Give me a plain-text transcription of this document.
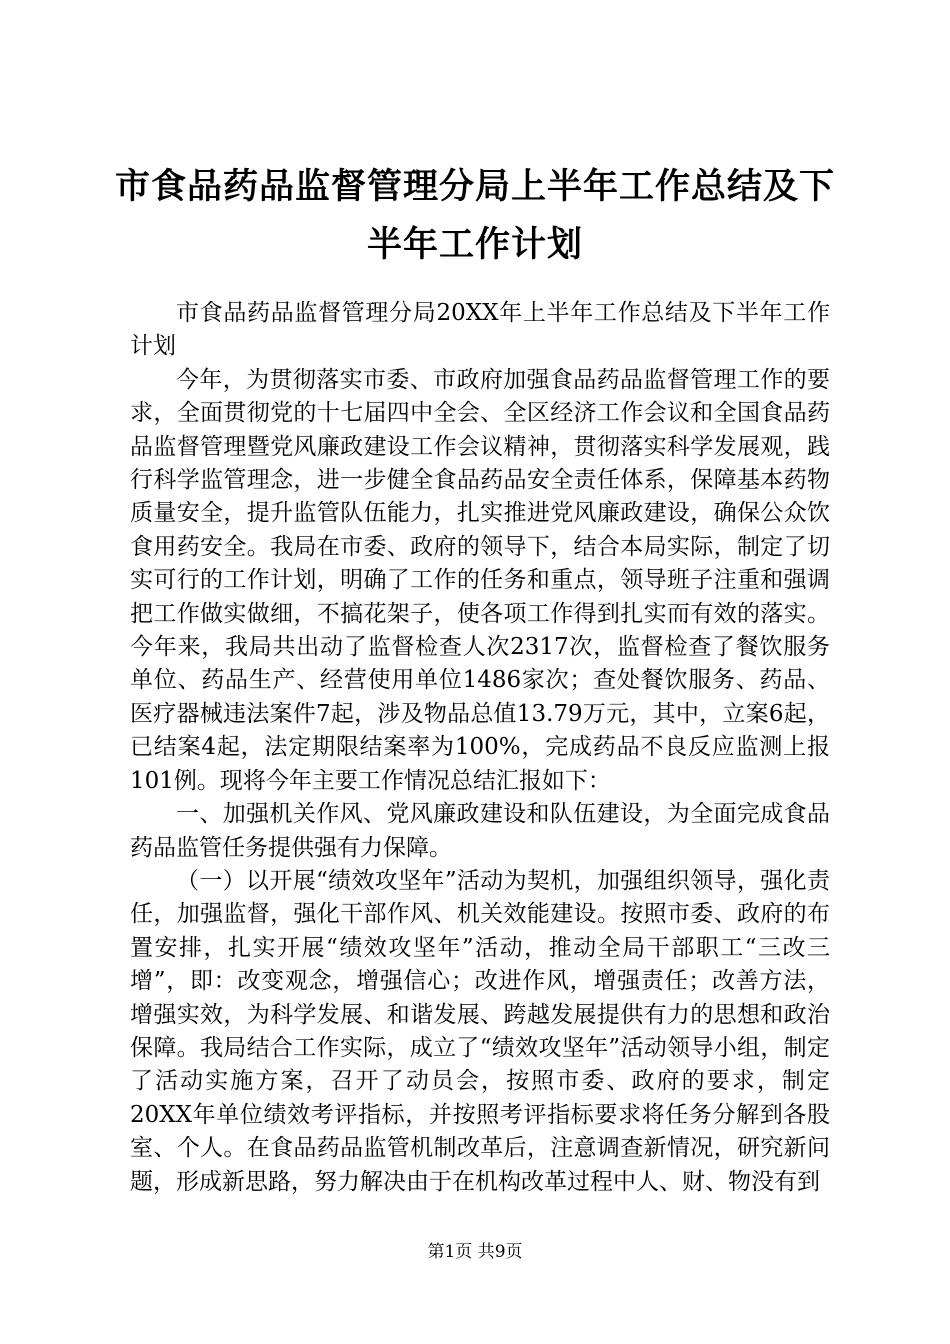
市食品药品监督管理分局上半年工作总结及下半年工作计划

市食品药品监督管理分局20XX年上半年工作总结及下半年工作计划

今年，为贯彻落实市委、市政府加强食品药品监督管理工作的要求，全面贯彻党的十七届四中全会、全区经济工作会议和全国食品药品监督管理暨党风廉政建设工作会议精神，贯彻落实科学发展观，践行科学监管理念，进一步健全食品药品安全责任体系，保障基本药物质量安全，提升监管队伍能力，扎实推进党风廉政建设，确保公众饮食用药安全。我局在市委、政府的领导下，结合本局实际，制定了切实可行的工作计划，明确了工作的任务和重点，领导班子注重和强调把工作做实做细，不搞花架子，使各项工作得到扎实而有效的落实。今年来，我局共出动了监督检查人次2317次，监督检查了餐饮服务单位、药品生产、经营使用单位1486家次；查处餐饮服务、药品、医疗器械违法案件7起，涉及物品总值13.79万元，其中，立案6起，已结案4起，法定期限结案率为100%，完成药品不良反应监测上报101例。现将今年主要工作情况总结汇报如下：

一、加强机关作风、党风廉政建设和队伍建设，为全面完成食品药品监管任务提供强有力保障。

（一）以开展“绩效攻坚年”活动为契机，加强组织领导，强化责任，加强监督，强化干部作风、机关效能建设。按照市委、政府的布置安排，扎实开展“绩效攻坚年”活动，推动全局干部职工“三改三增”，即：改变观念，增强信心；改进作风，增强责任；改善方法，增强实效，为科学发展、和谐发展、跨越发展提供有力的思想和政治保障。我局结合工作实际，成立了“绩效攻坚年”活动领导小组，制定了活动实施方案，召开了动员会，按照市委、政府的要求，制定20XX年单位绩效考评指标，并按照考评指标要求将任务分解到各股室、个人。在食品药品监管机制改革后，注意调查新情况，研究新问题，形成新思路，努力解决由于在机构改革过程中人、财、物没有到

第1页 共9页
